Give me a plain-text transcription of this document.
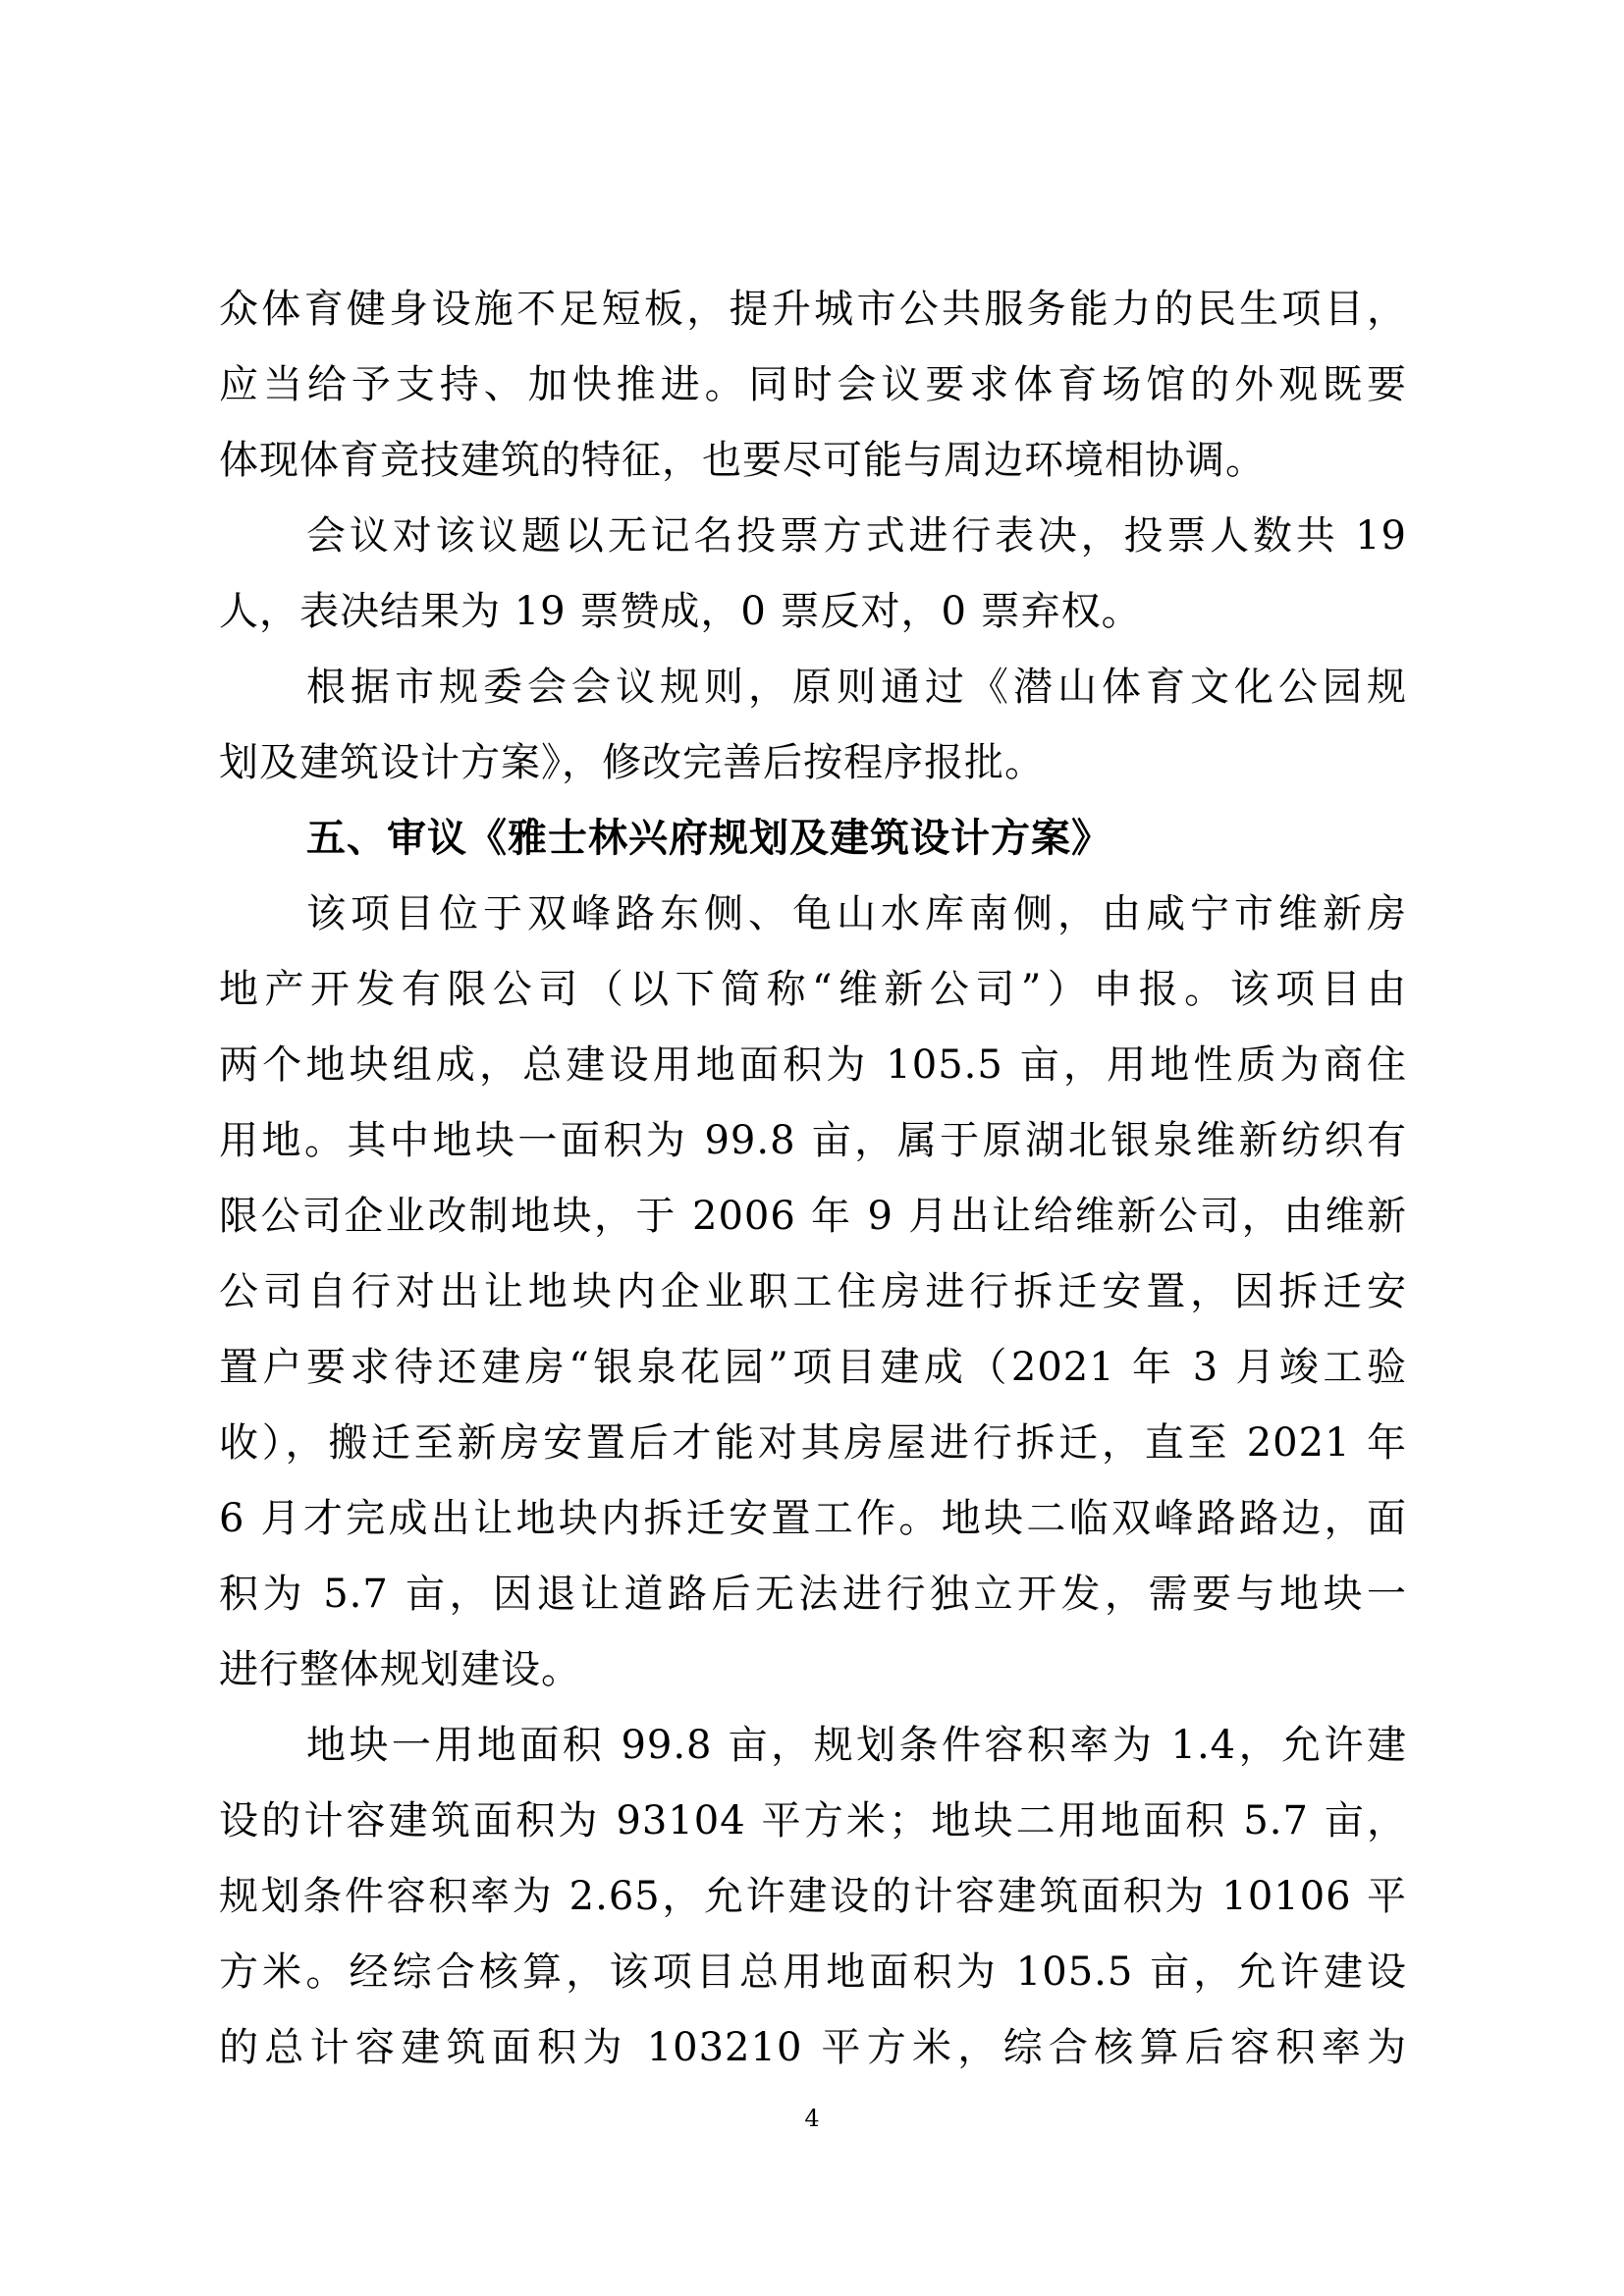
众体育健身设施不足短板，提升城市公共服务能力的民生项目，
应当给予支持、加快推进。同时会议要求体育场馆的外观既要
体现体育竞技建筑的特征，也要尽可能与周边环境相协调。
会议对该议题以无记名投票方式进行表决，投票人数共 19
人，表决结果为 19 票赞成，0 票反对，0 票弃权。
根据市规委会会议规则，原则通过《潜山体育文化公园规
划及建筑设计方案》，修改完善后按程序报批。
五、审议《雅士林兴府规划及建筑设计方案》
该项目位于双峰路东侧、龟山水库南侧，由咸宁市维新房
地产开发有限公司（以下简称“维新公司”）申报。该项目由
两个地块组成，总建设用地面积为 105.5 亩，用地性质为商住
用地。其中地块一面积为 99.8 亩，属于原湖北银泉维新纺织有
限公司企业改制地块，于 2006 年 9 月出让给维新公司，由维新
公司自行对出让地块内企业职工住房进行拆迁安置，因拆迁安
置户要求待还建房“银泉花园”项目建成（2021 年 3 月竣工验
收），搬迁至新房安置后才能对其房屋进行拆迁，直至 2021 年
6 月才完成出让地块内拆迁安置工作。地块二临双峰路路边，面
积为 5.7 亩，因退让道路后无法进行独立开发，需要与地块一
进行整体规划建设。
地块一用地面积 99.8 亩，规划条件容积率为 1.4，允许建
设的计容建筑面积为 93104 平方米；地块二用地面积 5.7 亩，
规划条件容积率为 2.65，允许建设的计容建筑面积为 10106 平
方米。经综合核算，该项目总用地面积为 105.5 亩，允许建设
的总计容建筑面积为 103210 平方米，综合核算后容积率为
4
